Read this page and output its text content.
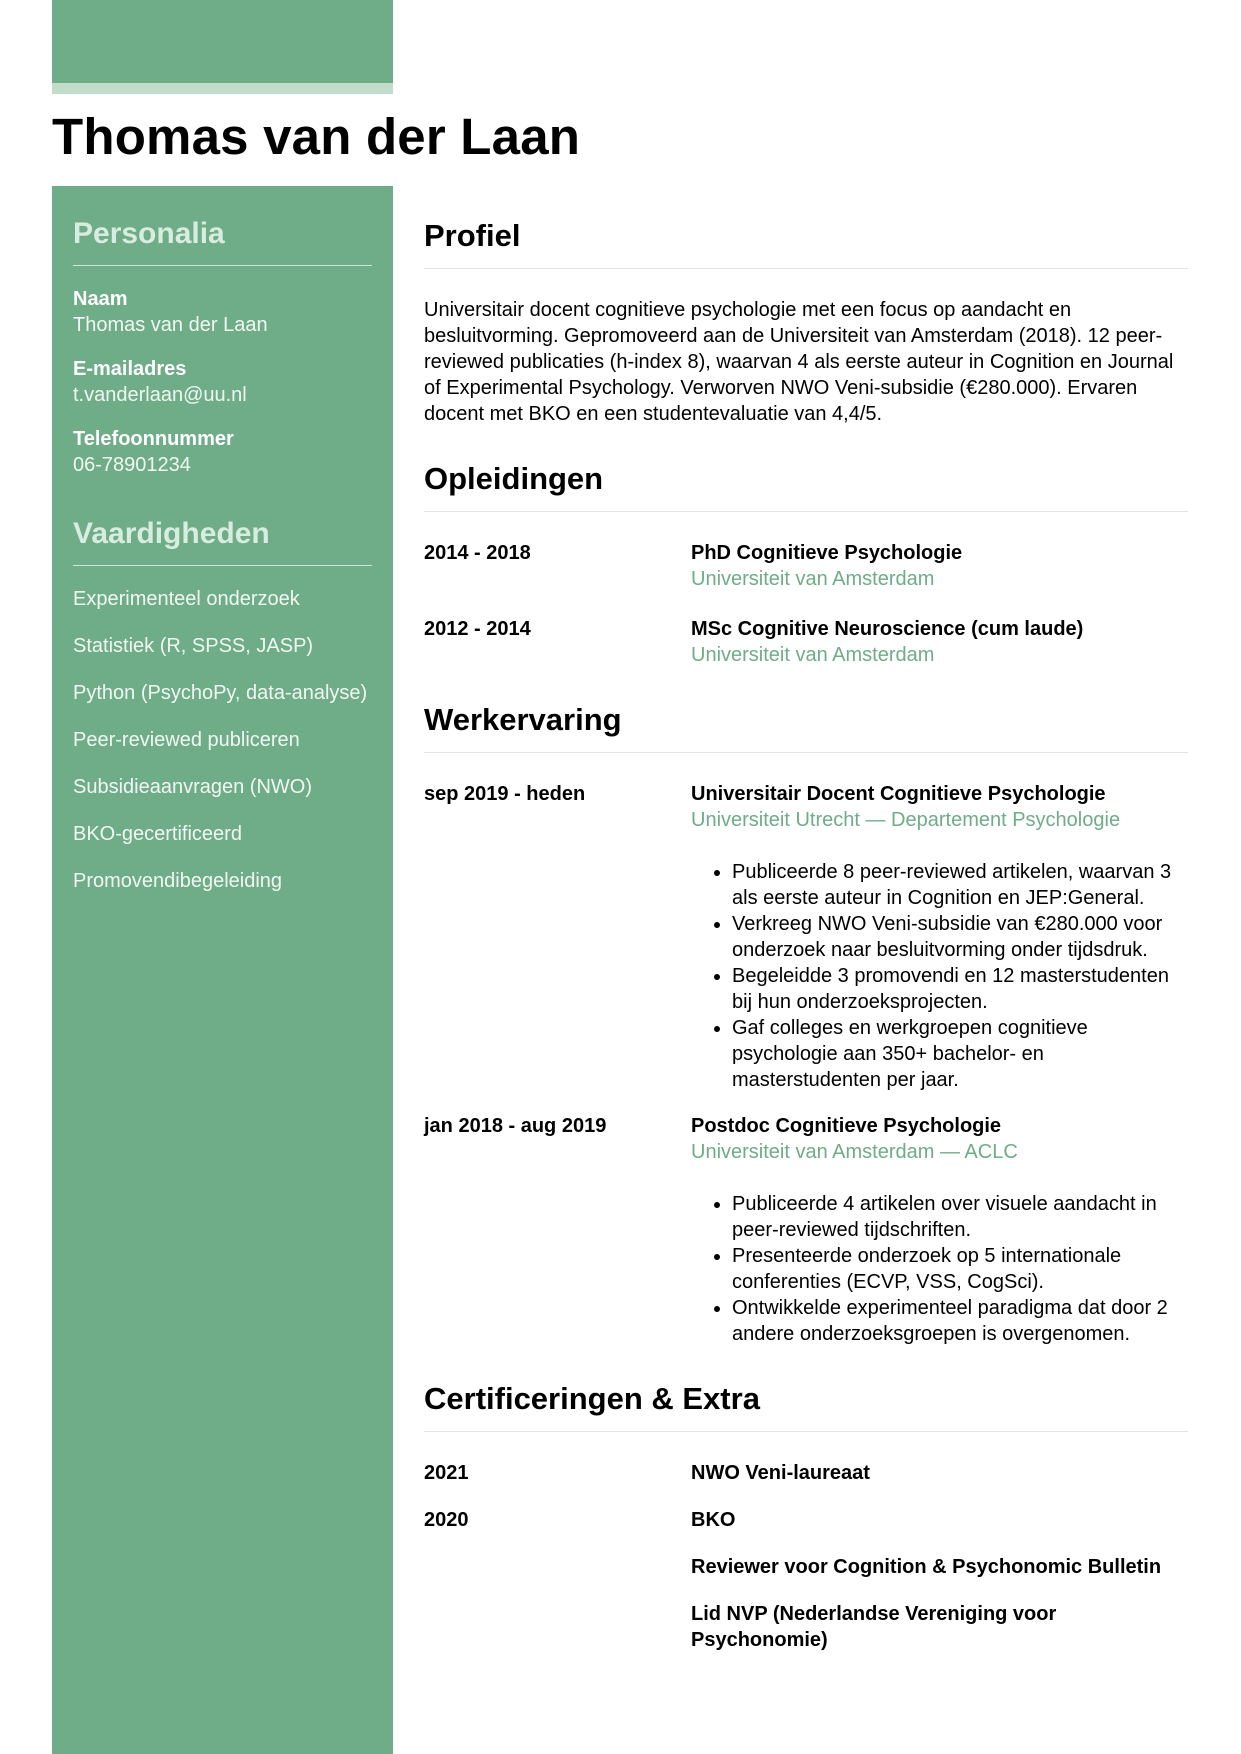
Thomas van der Laan
Personalia
Naam
Thomas van der Laan
E-mailadres
t.vanderlaan@uu.nl
Telefoonnummer
06-78901234
Vaardigheden
Experimenteel onderzoek
Statistiek (R, SPSS, JASP)
Python (PsychoPy, data-analyse)
Peer-reviewed publiceren
Subsidieaanvragen (NWO)
BKO-gecertificeerd
Promovendibegeleiding
Profiel

Universitair docent cognitieve psychologie met een focus op aandacht en besluitvorming. Gepromoveerd aan de Universiteit van Amsterdam (2018). 12 peer-reviewed publicaties (h-index 8), waarvan 4 als eerste auteur in Cognition en Journal of Experimental Psychology. Verworven NWO Veni-subsidie (€280.000). Ervaren docent met BKO en een studentevaluatie van 4,4/5.

Opleidingen
2014 - 2018	PhD Cognitieve Psychologie
Universiteit van Amsterdam
2012 - 2014	MSc Cognitive Neuroscience (cum laude)
Universiteit van Amsterdam
Werkervaring
sep 2019 - heden	Universitair Docent Cognitieve Psychologie
Universiteit Utrecht — Departement Psychologie
• Publiceerde 8 peer-reviewed artikelen, waarvan 3 als eerste auteur in Cognition en JEP:General.
• Verkreeg NWO Veni-subsidie van €280.000 voor onderzoek naar besluitvorming onder tijdsdruk.
• Begeleidde 3 promovendi en 12 masterstudenten bij hun onderzoeksprojecten.
• Gaf colleges en werkgroepen cognitieve psychologie aan 350+ bachelor- en masterstudenten per jaar.
jan 2018 - aug 2019	Postdoc Cognitieve Psychologie
Universiteit van Amsterdam — ACLC
• Publiceerde 4 artikelen over visuele aandacht in peer-reviewed tijdschriften.
• Presenteerde onderzoek op 5 internationale conferenties (ECVP, VSS, CogSci).
• Ontwikkelde experimenteel paradigma dat door 2 andere onderzoeksgroepen is overgenomen.
Certificeringen & Extra
2021	NWO Veni-laureaat
2020	BKO
Reviewer voor Cognition & Psychonomic Bulletin
Lid NVP (Nederlandse Vereniging voor Psychonomie)
